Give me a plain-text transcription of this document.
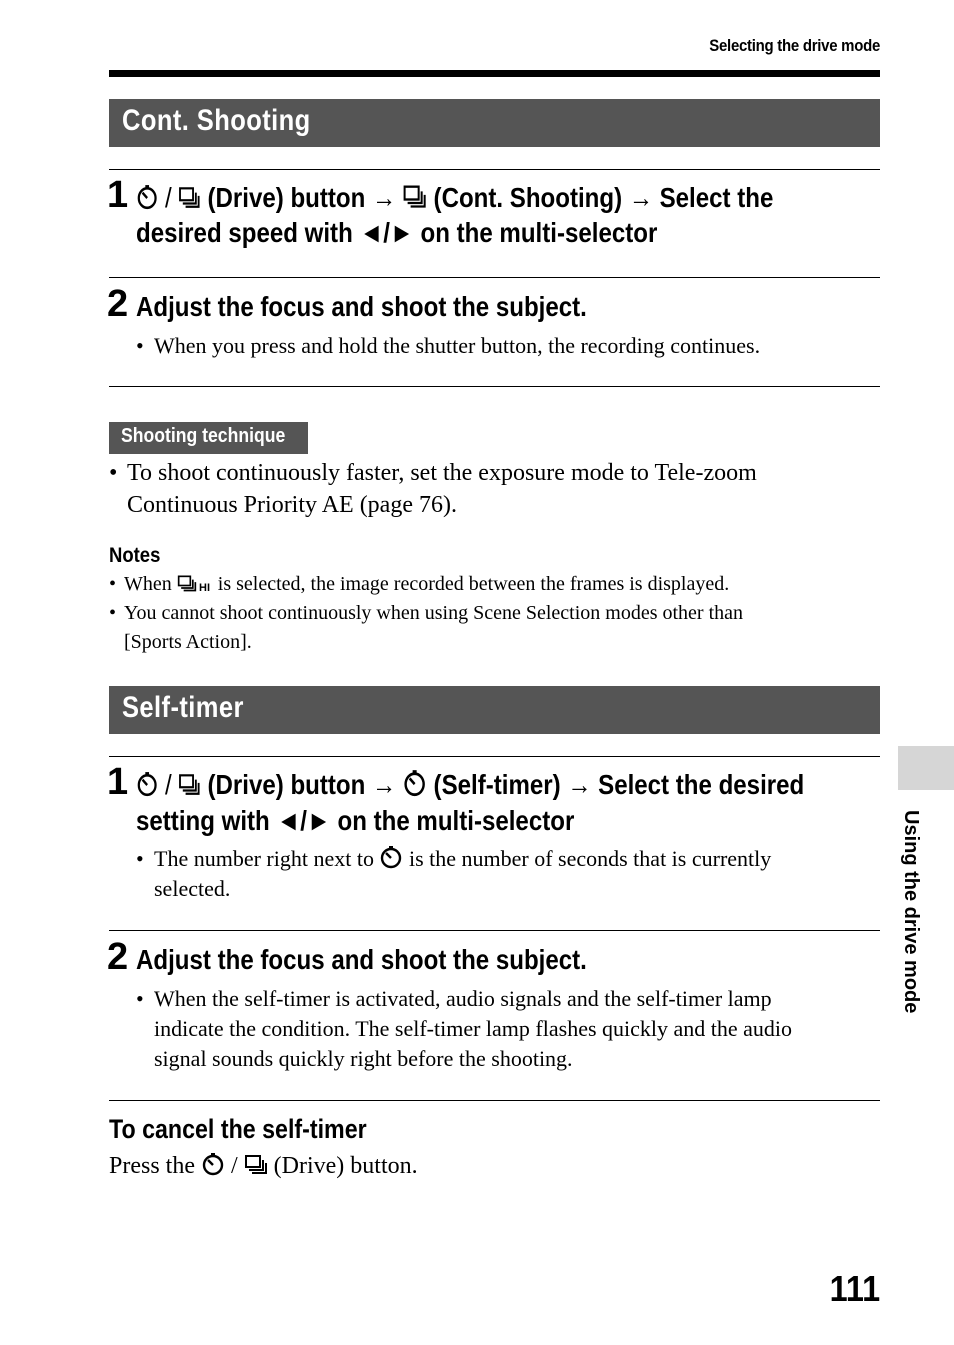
Selecting the drive mode
Cont. Shooting
1	/ (Drive) button → (Cont. Shooting) → Select the
desired speed with ◄/► on the multi-selector
2 Adjust the focus and shoot the subject.
• When you press and hold the shutter button, the recording continues.
Shooting technique
• To shoot continuously faster, set the exposure mode to Tele-zoom
Continuous Priority AE (page 76).
Notes
• When HI is selected, the image recorded between the frames is displayed.
• You cannot shoot continuously when using Scene Selection modes other than
[Sports Action].
Self-timer
1	/ (Drive) button → (Self-timer) → Select the desired
setting with ◄/► on the multi-selector
• The number right next to is the number of seconds that is currently
selected.
2 Adjust the focus and shoot the subject.
• When the self-timer is activated, audio signals and the self-timer lamp
indicate the condition. The self-timer lamp flashes quickly and the audio
signal sounds quickly right before the shooting.
To cancel the self-timer
Press the / (Drive) button.
Using the drive mode
111
